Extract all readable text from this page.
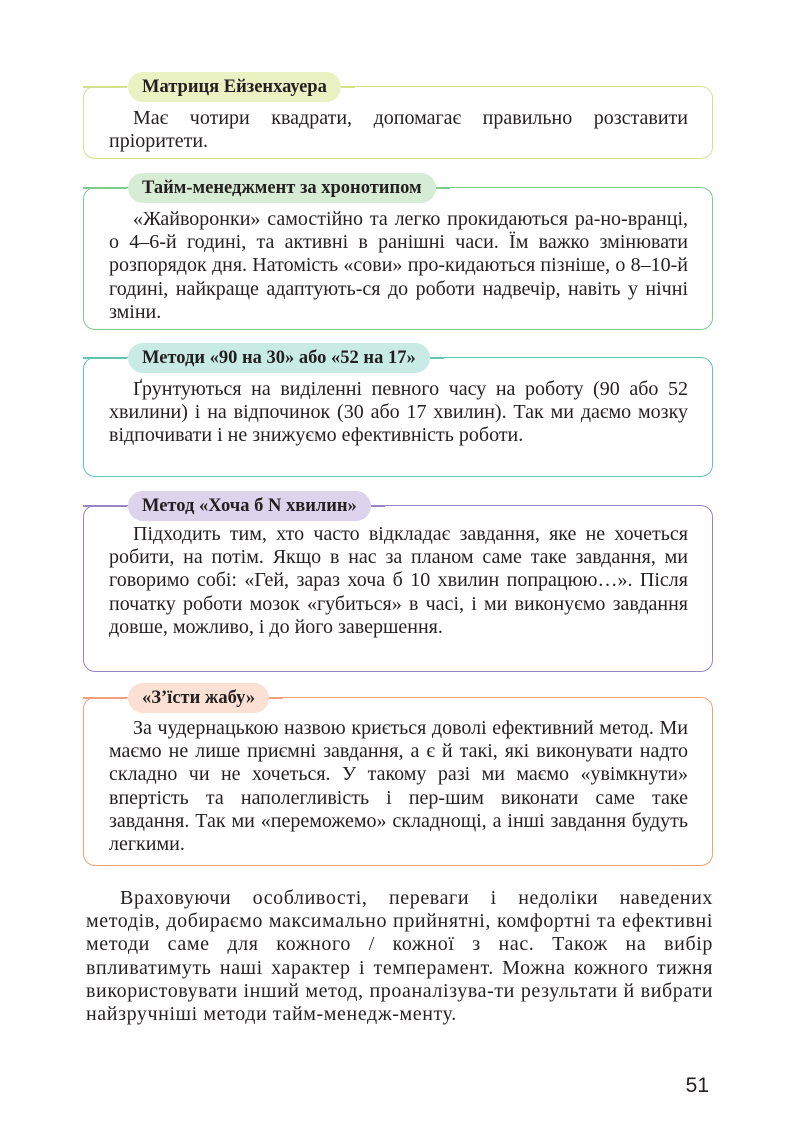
Матриця Ейзенхауера
Має чотири квадрати, допомагає правильно розставити пріоритети.
Тайм-менеджмент за хронотипом
«Жайворонки» самостійно та легко прокидаються ра-но-вранці, о 4–6-й годині, та активні в ранішні часи. Їм важко змінювати розпорядок дня. Натомість «сови» про-кидаються пізніше, о 8–10-й годині, найкраще адаптують-ся до роботи надвечір, навіть у нічні зміни.
Методи «90 на 30» або «52 на 17»
Ґрунтуються на виділенні певного часу на роботу (90 або 52 хвилини) і на відпочинок (30 або 17 хвилин). Так ми даємо мозку відпочивати і не знижуємо ефективність роботи.
Метод «Хоча б N хвилин»
Підходить тим, хто часто відкладає завдання, яке не хочеться робити, на потім. Якщо в нас за планом саме таке завдання, ми говоримо собі: «Гей, зараз хоча б 10 хвилин попрацюю…». Після початку роботи мозок «губиться» в часі, і ми виконуємо завдання довше, можливо, і до його завершення.
«З’їсти жабу»
За чудернацькою назвою криється доволі ефективний метод. Ми маємо не лише приємні завдання, а є й такі, які виконувати надто складно чи не хочеться. У такому разі ми маємо «увімкнути» впертість та наполегливість і пер-шим виконати саме таке завдання. Так ми «переможемо» складнощі, а інші завдання будуть легкими.
Враховуючи особливості, переваги і недоліки наведених методів, добираємо максимально прийнятні, комфортні та ефективні методи саме для кожного / кожної з нас. Також на вибір впливатимуть наші характер і темперамент. Можна кожного тижня використовувати інший метод, проаналізува-ти результати й вибрати найзручніші методи тайм-менедж-менту.
51
